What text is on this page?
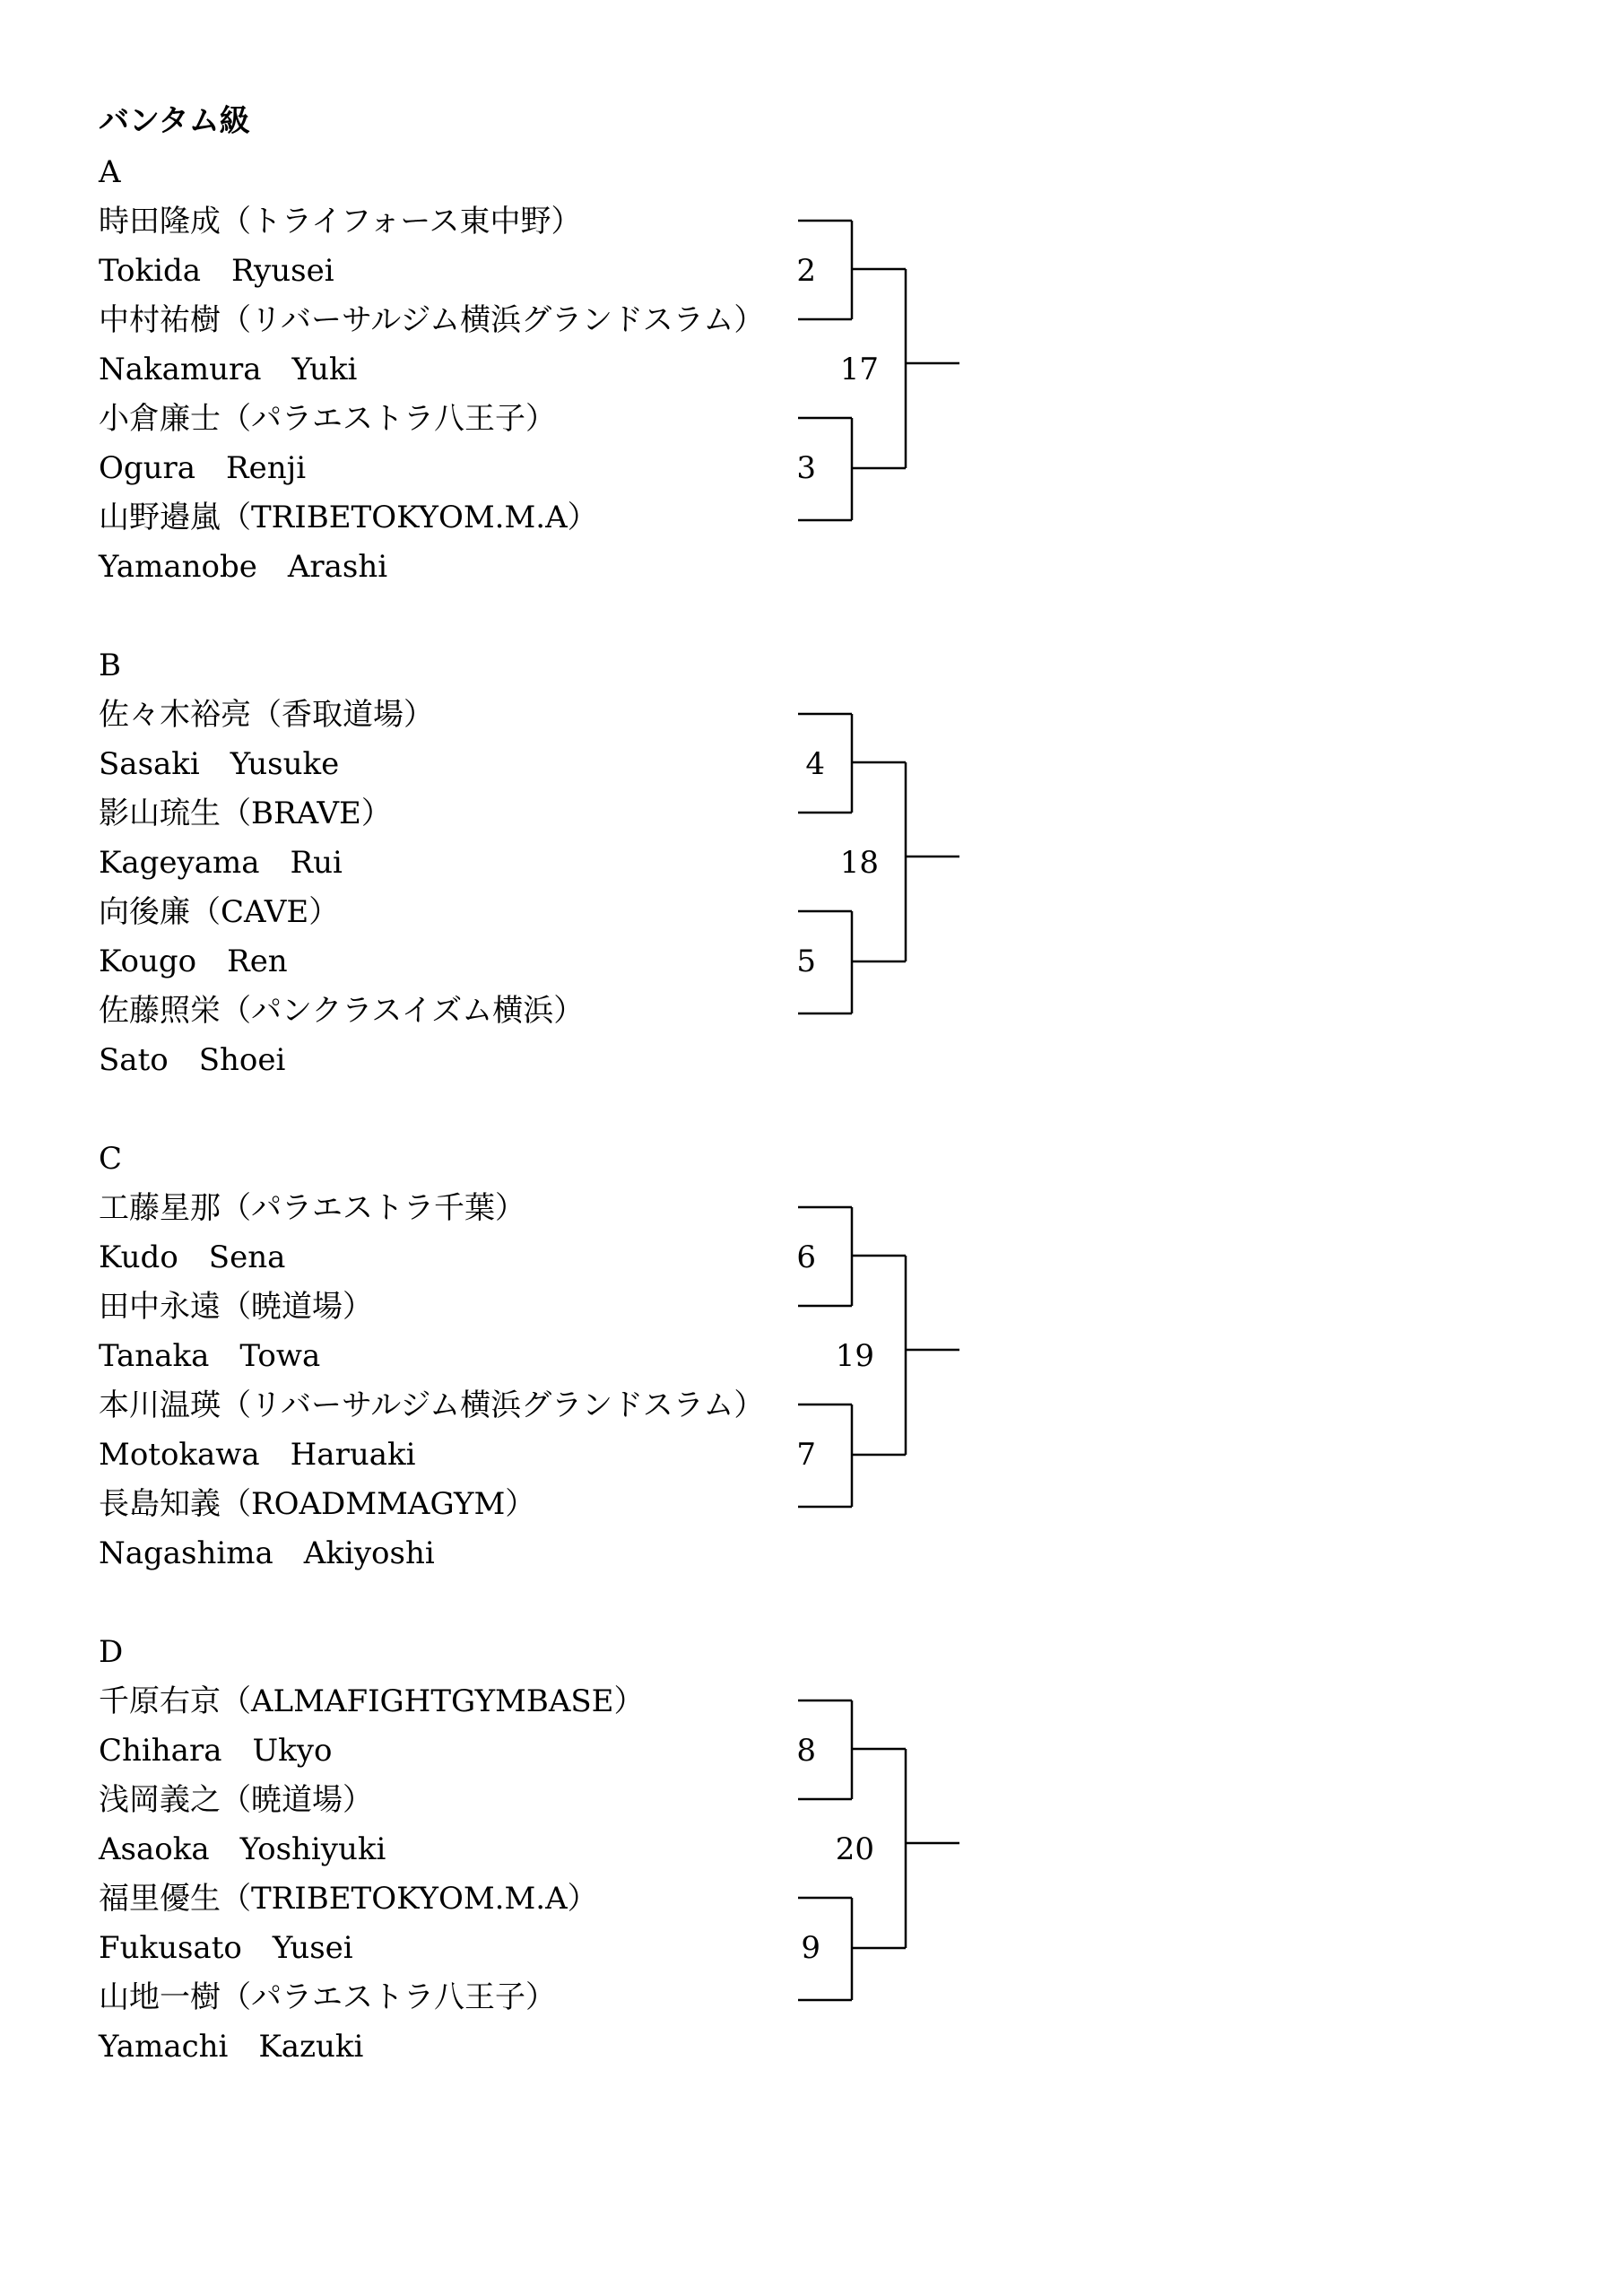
バンタム級
A
時田隆成（トライフォース東中野）
Tokida　Ryusei
中村祐樹（リバーサルジム横浜グランドスラム）
Nakamura　Yuki
小倉廉士（パラエストラ八王子）
Ogura　Renji
山野邉嵐（TRIBETOKYOM.M.A）
Yamanobe　Arashi
2
3
17
B
佐々木裕亮（香取道場）
Sasaki　Yusuke
影山琉生（BRAVE）
Kageyama　Rui
向後廉（CAVE）
Kougo　Ren
佐藤照栄（パンクラスイズム横浜）
Sato　Shoei
4
5
18
C
工藤星那（パラエストラ千葉）
Kudo　Sena
田中永遠（暁道場）
Tanaka　Towa
本川温瑛（リバーサルジム横浜グランドスラム）
Motokawa　Haruaki
長島知義（ROADMMAGYM）
Nagashima　Akiyoshi
6
7
19
D
千原右京（ALMAFIGHTGYMBASE）
Chihara　Ukyo
浅岡義之（暁道場）
Asaoka　Yoshiyuki
福里優生（TRIBETOKYOM.M.A）
Fukusato　Yusei
山地一樹（パラエストラ八王子）
Yamachi　Kazuki
8
9
20
